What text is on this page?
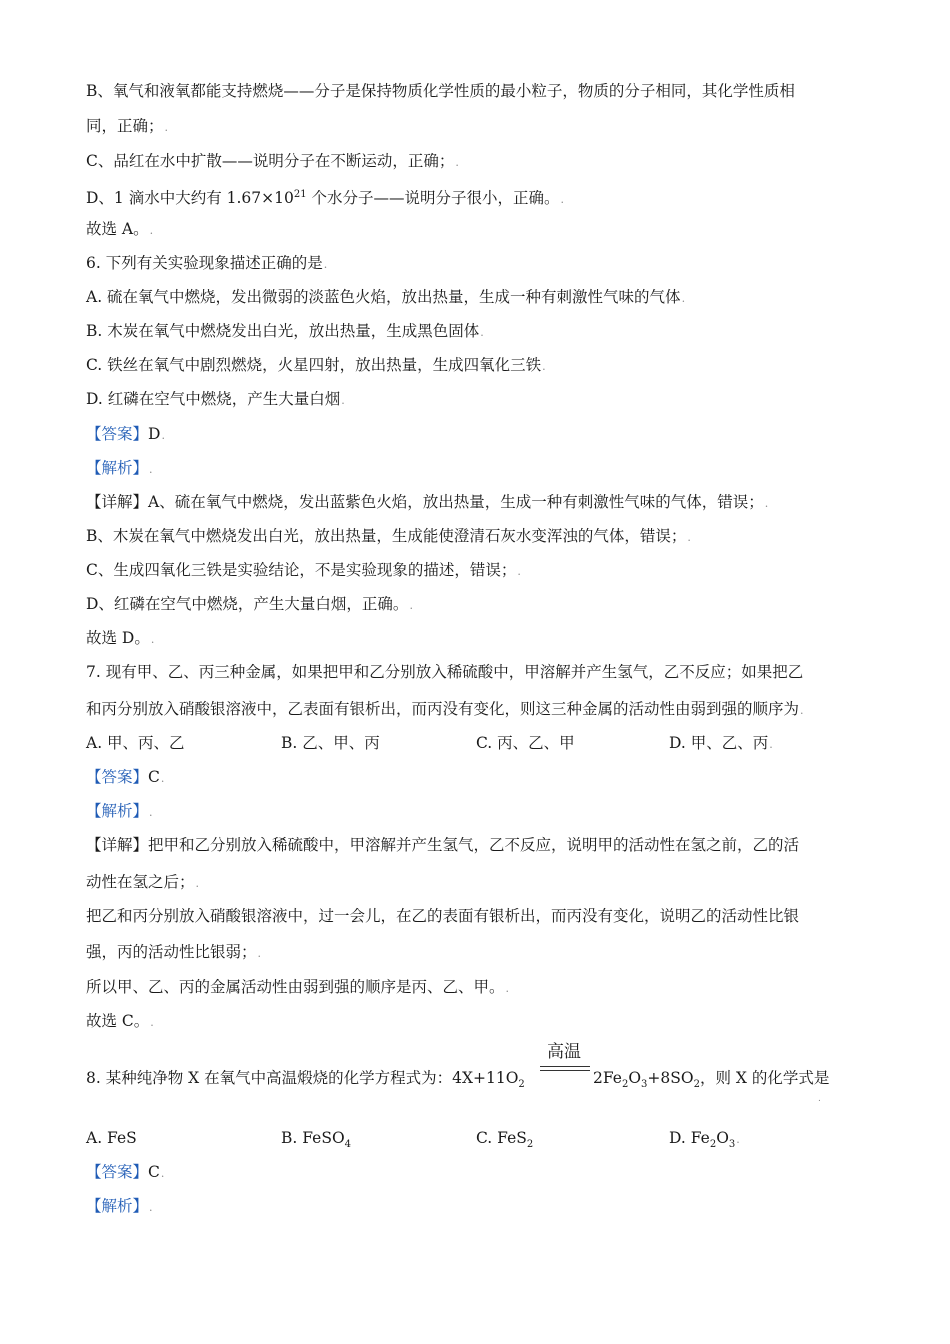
B、氧气和液氧都能支持燃烧——分子是保持物质化学性质的最小粒子，物质的分子相同，其化学性质相
同，正确；.
C、品红在水中扩散——说明分子在不断运动，正确；.
D、1 滴水中大约有 $1.67\times 10^{21}$ 个水分子——说明分子很小，正确。.
故选 A。.
6. 下列有关实验现象描述正确的是.
A. 硫在氧气中燃烧，发出微弱的淡蓝色火焰，放出热量，生成一种有刺激性气味的气体.
B. 木炭在氧气中燃烧发出白光，放出热量，生成黑色固体.
C. 铁丝在氧气中剧烈燃烧，火星四射，放出热量，生成四氧化三铁.
D. 红磷在空气中燃烧，产生大量白烟.
【答案】D.
【解析】.
【详解】A、硫在氧气中燃烧，发出蓝紫色火焰，放出热量，生成一种有刺激性气味的气体，错误；.
B、木炭在氧气中燃烧发出白光，放出热量，生成能使澄清石灰水变浑浊的气体，错误；.
C、生成四氧化三铁是实验结论，不是实验现象的描述，错误；.
D、红磷在空气中燃烧，产生大量白烟，正确。.
故选 D。.
7. 现有甲、乙、丙三种金属，如果把甲和乙分别放入稀硫酸中，甲溶解并产生氢气，乙不反应；如果把乙
和丙分别放入硝酸银溶液中，乙表面有银析出，而丙没有变化，则这三种金属的活动性由弱到强的顺序为.
A. 甲、丙、乙	B. 乙、甲、丙	C. 丙、乙、甲	D. 甲、乙、丙.
【答案】C.
【解析】.
【详解】把甲和乙分别放入稀硫酸中，甲溶解并产生氢气，乙不反应，说明甲的活动性在氢之前，乙的活
动性在氢之后；.
把乙和丙分别放入硝酸银溶液中，过一会儿，在乙的表面有银析出，而丙没有变化，说明乙的活动性比银
强，丙的活动性比银弱；.
所以甲、乙、丙的金属活动性由弱到强的顺序是丙、乙、甲。.
故选 C。.
高温
8. 某种纯净物 X 在氧气中高温煅烧的化学方程式为：$4X+11O_2$	$2Fe_2O_3+8SO_2$，则 X 的化学式是
.
A. FeS	B. FeSO$_4$	C. FeS$_2$	D. $Fe_2O_3$.
【答案】C.
【解析】.
